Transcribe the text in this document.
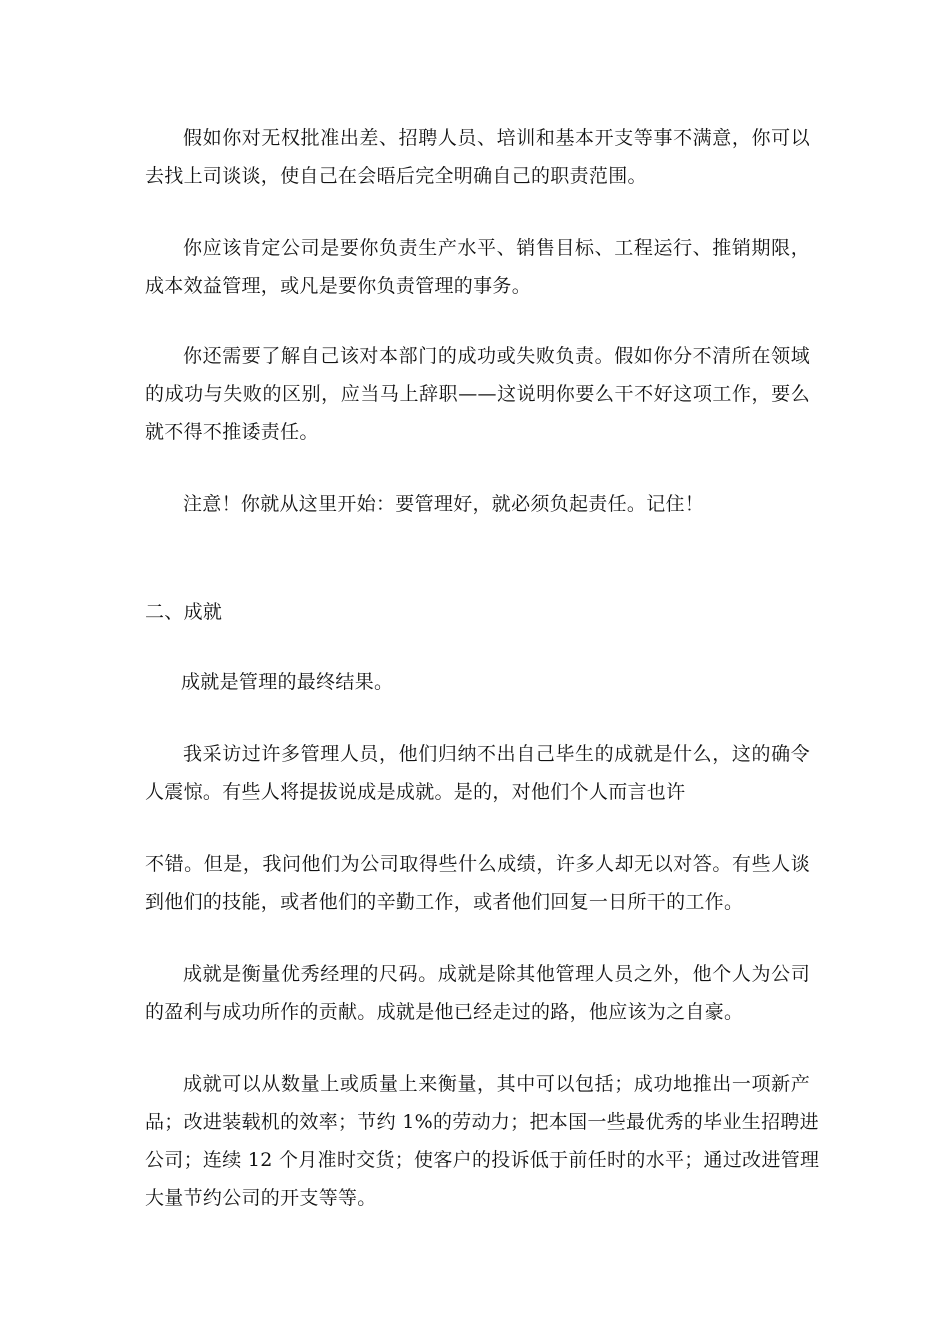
假如你对无权批准出差、招聘人员、培训和基本开支等事不满意，你可以
去找上司谈谈，使自己在会晤后完全明确自己的职责范围。
你应该肯定公司是要你负责生产水平、销售目标、工程运行、推销期限，
成本效益管理，或凡是要你负责管理的事务。
你还需要了解自己该对本部门的成功或失败负责。假如你分不清所在领域
的成功与失败的区别，应当马上辞职——这说明你要么干不好这项工作，要么
就不得不推诿责任。
注意！你就从这里开始：要管理好，就必须负起责任。记住！
二、成就
成就是管理的最终结果。
我采访过许多管理人员，他们归纳不出自己毕生的成就是什么，这的确令
人震惊。有些人将提拔说成是成就。是的，对他们个人而言也许
不错。但是，我问他们为公司取得些什么成绩，许多人却无以对答。有些人谈
到他们的技能，或者他们的辛勤工作，或者他们回复一日所干的工作。
成就是衡量优秀经理的尺码。成就是除其他管理人员之外，他个人为公司
的盈利与成功所作的贡献。成就是他已经走过的路，他应该为之自豪。
成就可以从数量上或质量上来衡量，其中可以包括；成功地推出一项新产
品；改进装载机的效率；节约 1%的劳动力；把本国一些最优秀的毕业生招聘进
公司；连续 12 个月准时交货；使客户的投诉低于前任时的水平；通过改进管理
大量节约公司的开支等等。
